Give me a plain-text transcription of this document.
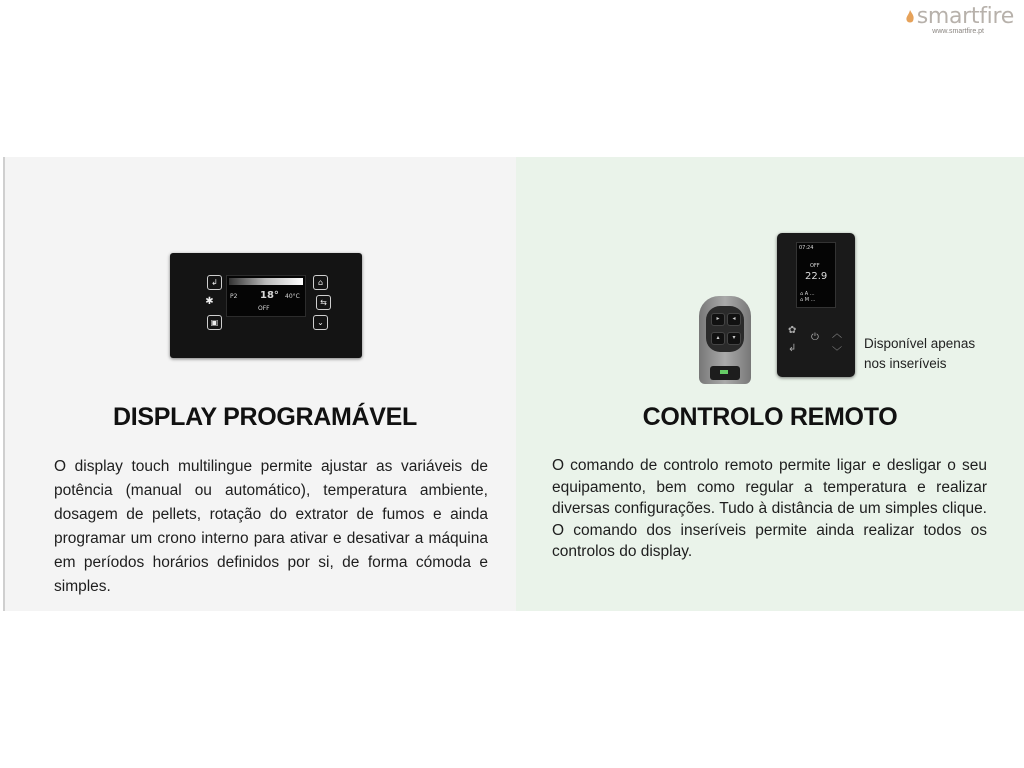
smartfire
www.smartfire.pt
↲
✱
▣
⌂
⇆
⌄
P2 18° 40°C
OFF
DISPLAY PROGRAMÁVEL

O display touch multilingue permite ajustar as variáveis de potência (manual ou automático), temperatura ambiente, dosagem de pellets, rotação do extrator de fumos e ainda programar um crono interno para ativar e desativar a máquina em períodos horários definidos por si, de forma cómoda e simples.

▸	◂
▴	▾
07:24
OFF
22.9
⌂ A ...
⌂ M ...
✿
⏻ ︿
↲	﹀
Disponível apenas
nos inseríveis
CONTROLO REMOTO

O comando de controlo remoto permite ligar e desligar o seu equipamento, bem como regular a temperatura e realizar diversas configurações. Tudo à distância de um simples clique. O comando dos inseríveis permite ainda realizar todos os controlos do display.
